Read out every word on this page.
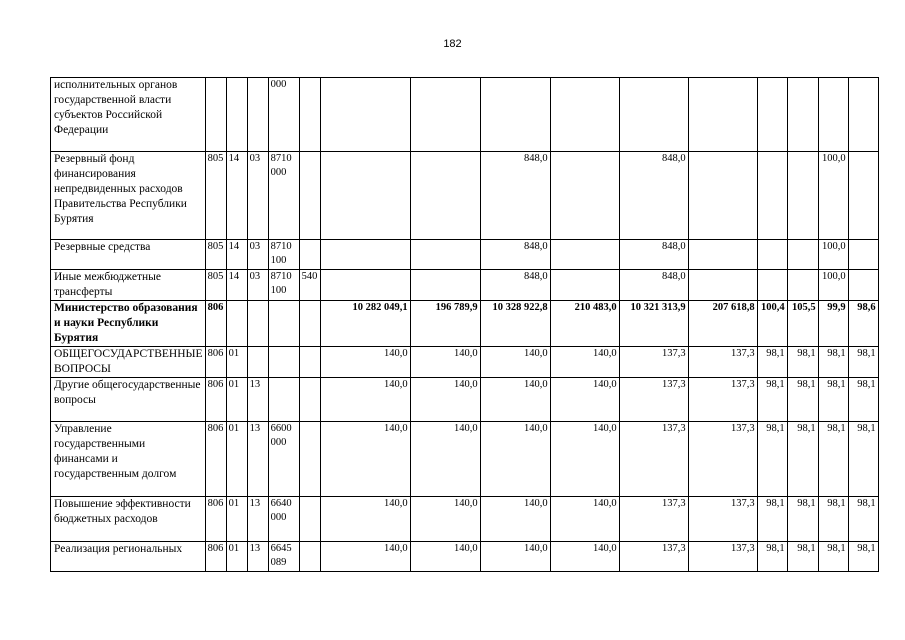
182
исполнительных органов государственной власти субъектов Российской Федерации				000											
Резервный фонд финансирования непредвиденных расходов Правительства Республики Бурятия	805	14	03	8710 000				848,0		848,0				100,0	
Резервные средства	805	14	03	8710 100				848,0		848,0				100,0	
Иные межбюджетные трансферты	805	14	03	8710 100	540			848,0		848,0				100,0	
Министерство образования и науки Республики Бурятия	806					10 282 049,1	196 789,9	10 328 922,8	210 483,0	10 321 313,9	207 618,8	100,4	105,5	99,9	98,6
ОБЩЕГОСУДАРСТВЕННЫЕ ВОПРОСЫ	806	01				140,0	140,0	140,0	140,0	137,3	137,3	98,1	98,1	98,1	98,1
Другие общегосударственные вопросы	806	01	13			140,0	140,0	140,0	140,0	137,3	137,3	98,1	98,1	98,1	98,1
Управление государственными финансами и государственным долгом	806	01	13	6600 000		140,0	140,0	140,0	140,0	137,3	137,3	98,1	98,1	98,1	98,1
Повышение эффективности бюджетных расходов	806	01	13	6640 000		140,0	140,0	140,0	140,0	137,3	137,3	98,1	98,1	98,1	98,1
Реализация региональных	806	01	13	6645 089		140,0	140,0	140,0	140,0	137,3	137,3	98,1	98,1	98,1	98,1
